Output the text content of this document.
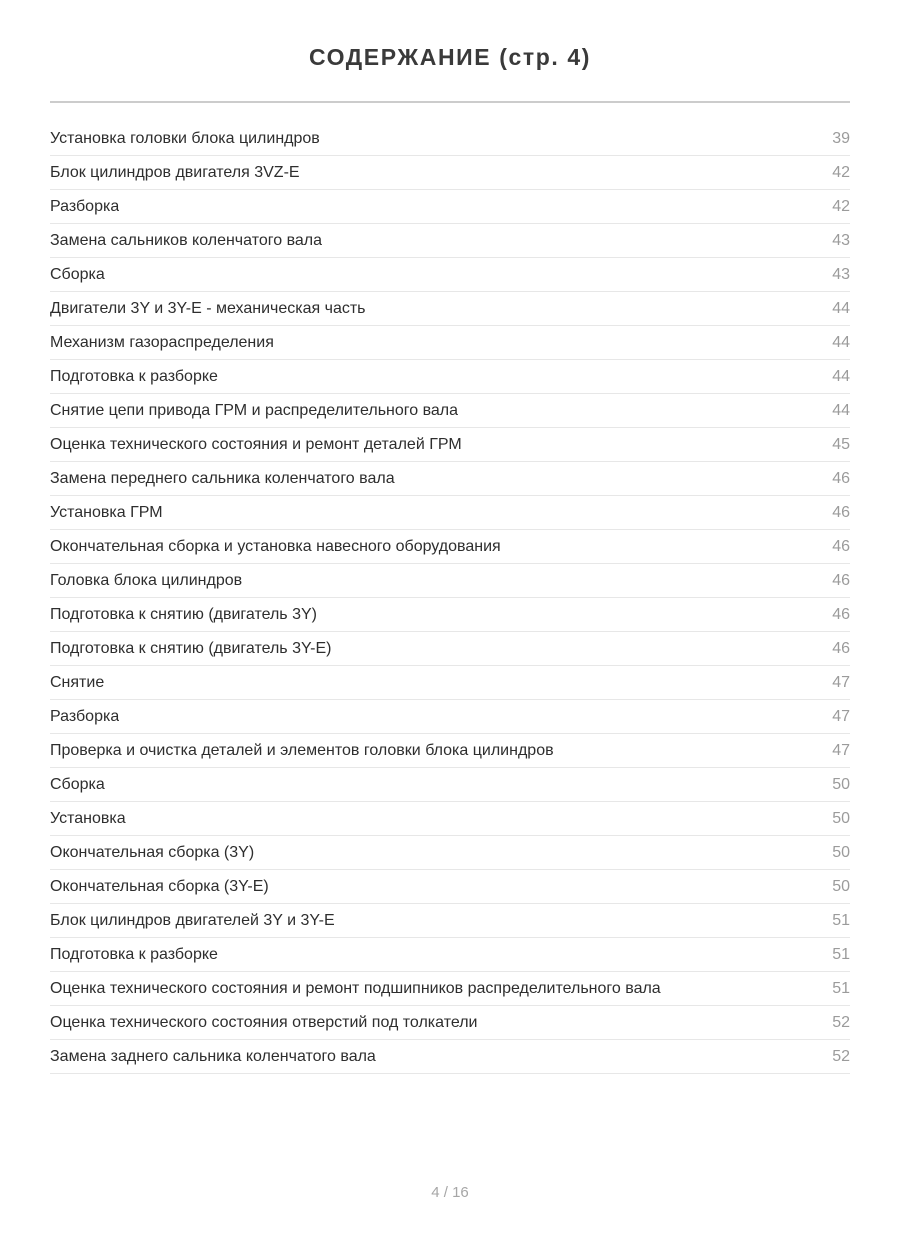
СОДЕРЖАНИЕ (стр. 4)
Установка головки блока цилиндров	39
Блок цилиндров двигателя 3VZ-E	42
Разборка	42
Замена сальников коленчатого вала	43
Сборка	43
Двигатели 3Y и 3Y-E - механическая часть	44
Механизм газораспределения	44
Подготовка к разборке	44
Снятие цепи привода ГРМ и распределительного вала	44
Оценка технического состояния и ремонт деталей ГРМ	45
Замена переднего сальника коленчатого вала	46
Установка ГРМ	46
Окончательная сборка и установка навесного оборудования	46
Головка блока цилиндров	46
Подготовка к снятию (двигатель 3Y)	46
Подготовка к снятию (двигатель 3Y-E)	46
Снятие	47
Разборка	47
Проверка и очистка деталей и элементов головки блока цилиндров	47
Сборка	50
Установка	50
Окончательная сборка (3Y)	50
Окончательная сборка (3Y-E)	50
Блок цилиндров двигателей 3Y и 3Y-E	51
Подготовка к разборке	51
Оценка технического состояния и ремонт подшипников распределительного вала	51
Оценка технического состояния отверстий под толкатели	52
Замена заднего сальника коленчатого вала	52
4 / 16
